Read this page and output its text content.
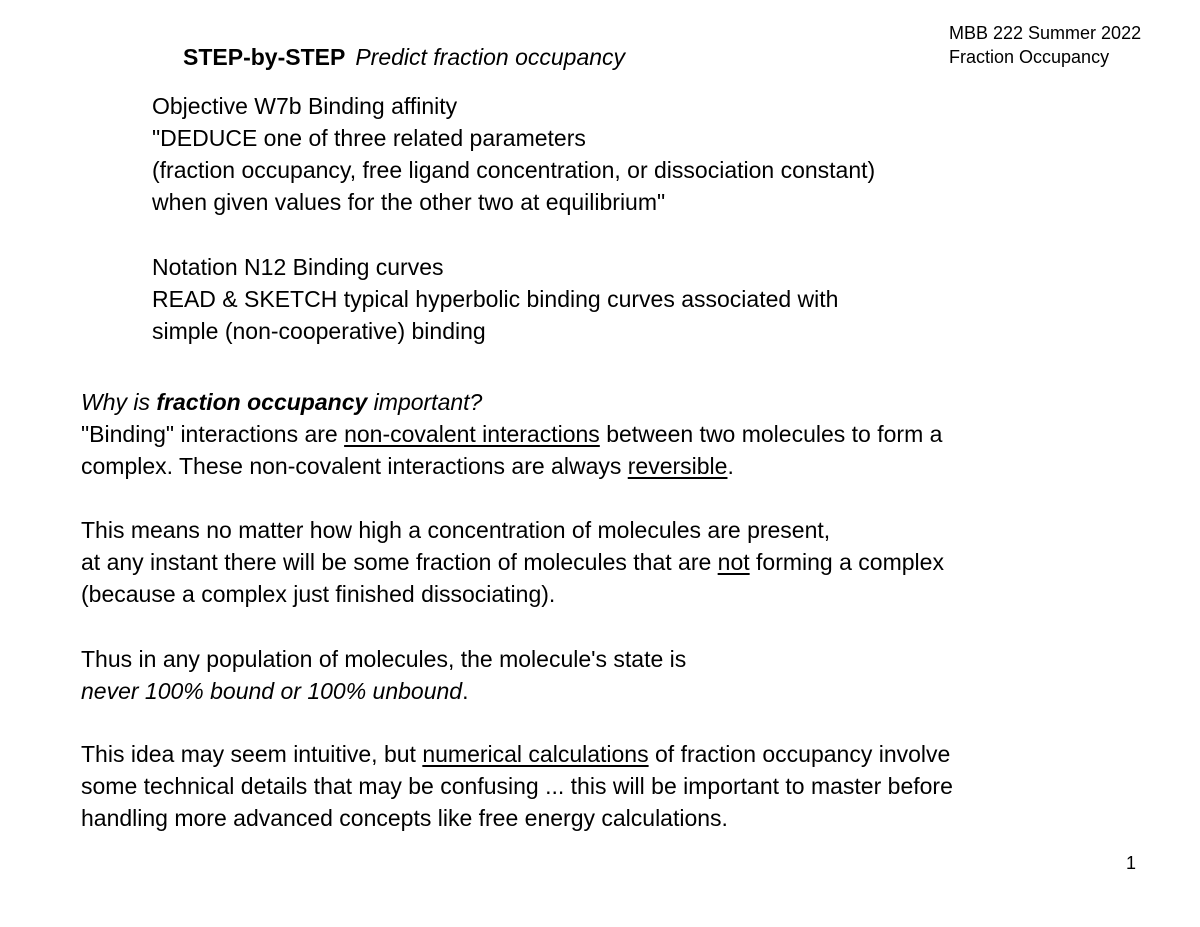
MBB 222 Summer 2022
Fraction Occupancy
STEP-by-STEP Predict fraction occupancy
Objective W7b Binding affinity
"DEDUCE one of three related parameters
(fraction occupancy, free ligand concentration, or dissociation constant)
when given values for the other two at equilibrium"
Notation N12 Binding curves
READ & SKETCH typical hyperbolic binding curves associated with
simple (non-cooperative) binding
Why is fraction occupancy important?
"Binding" interactions are non-covalent interactions between two molecules to form a
complex. These non-covalent interactions are always reversible.
This means no matter how high a concentration of molecules are present,
at any instant there will be some fraction of molecules that are not forming a complex
(because a complex just finished dissociating).
Thus in any population of molecules, the molecule's state is
never 100% bound or 100% unbound.
This idea may seem intuitive, but numerical calculations of fraction occupancy involve
some technical details that may be confusing ... this will be important to master before
handling more advanced concepts like free energy calculations.
1
